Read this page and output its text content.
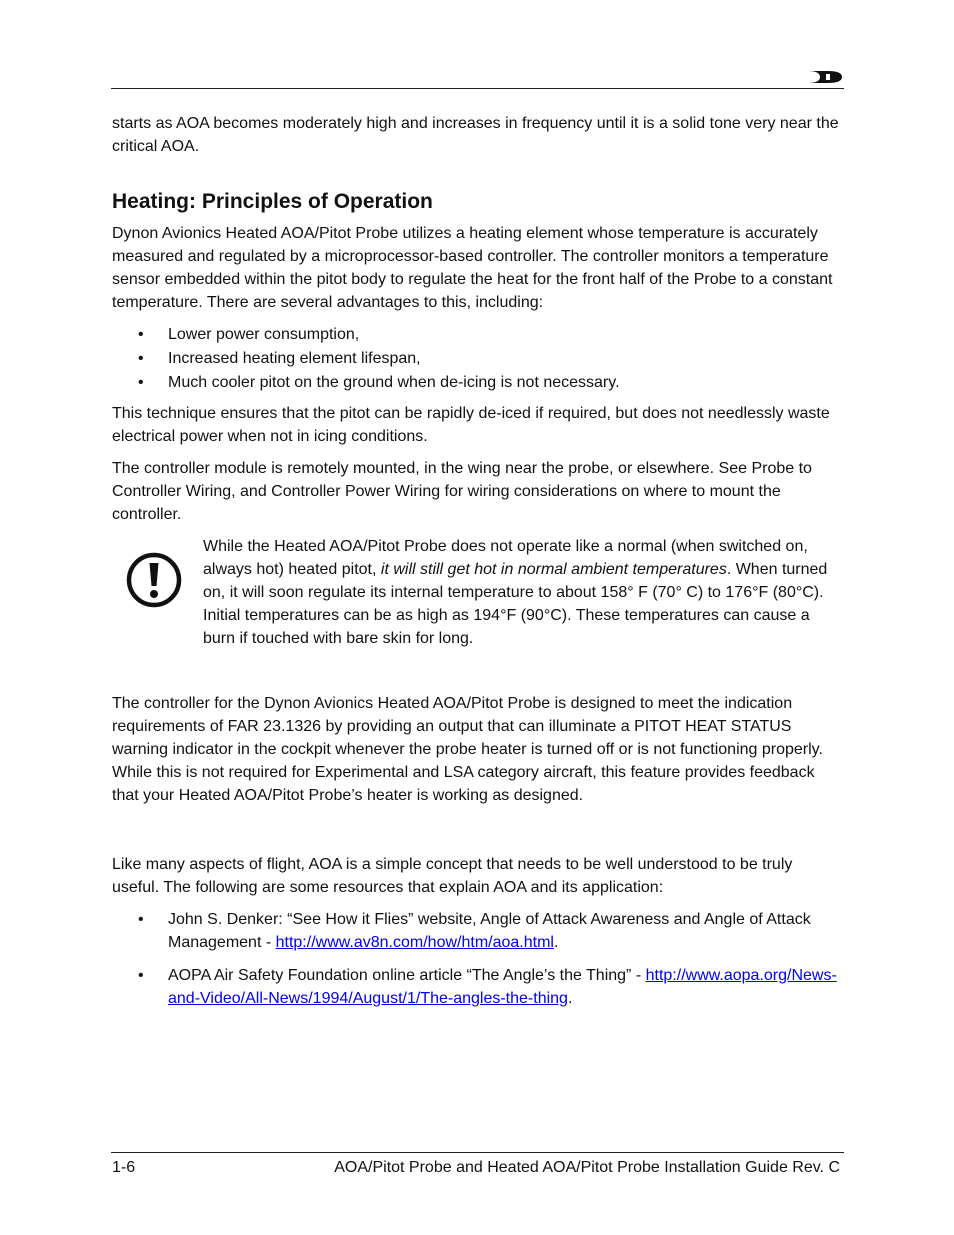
starts as AOA becomes moderately high and increases in frequency until it is a solid tone very near the critical AOA.

Heating: Principles of Operation

Dynon Avionics Heated AOA/Pitot Probe utilizes a heating element whose temperature is accurately measured and regulated by a microprocessor-based controller. The controller monitors a temperature sensor embedded within the pitot body to regulate the heat for the front half of the Probe to a constant temperature. There are several advantages to this, including:

• Lower power consumption,
• Increased heating element lifespan,
• Much cooler pitot on the ground when de-icing is not necessary.

This technique ensures that the pitot can be rapidly de-iced if required, but does not needlessly waste electrical power when not in icing conditions.

The controller module is remotely mounted, in the wing near the probe, or elsewhere. See Probe to Controller Wiring, and Controller Power Wiring for wiring considerations on where to mount the controller.

While the Heated AOA/Pitot Probe does not operate like a normal (when switched on, always hot) heated pitot, it will still get hot in normal ambient temperatures. When turned on, it will soon regulate its internal temperature to about 158° F (70° C) to 176°F (80°C). Initial temperatures can be as high as 194°F (90°C). These temperatures can cause a burn if touched with bare skin for long.

The controller for the Dynon Avionics Heated AOA/Pitot Probe is designed to meet the indication requirements of FAR 23.1326 by providing an output that can illuminate a PITOT HEAT STATUS warning indicator in the cockpit whenever the probe heater is turned off or is not functioning properly. While this is not required for Experimental and LSA category aircraft, this feature provides feedback that your Heated AOA/Pitot Probe’s heater is working as designed.

Like many aspects of flight, AOA is a simple concept that needs to be well understood to be truly useful. The following are some resources that explain AOA and its application:

• John S. Denker: “See How it Flies” website, Angle of Attack Awareness and Angle of Attack Management - http://www.av8n.com/how/htm/aoa.html.
• AOPA Air Safety Foundation online article “The Angle’s the Thing” - http://www.aopa.org/News-and-Video/All-News/1994/August/1/The-angles-the-thing.
1-6	AOA/Pitot Probe and Heated AOA/Pitot Probe Installation Guide Rev. C
